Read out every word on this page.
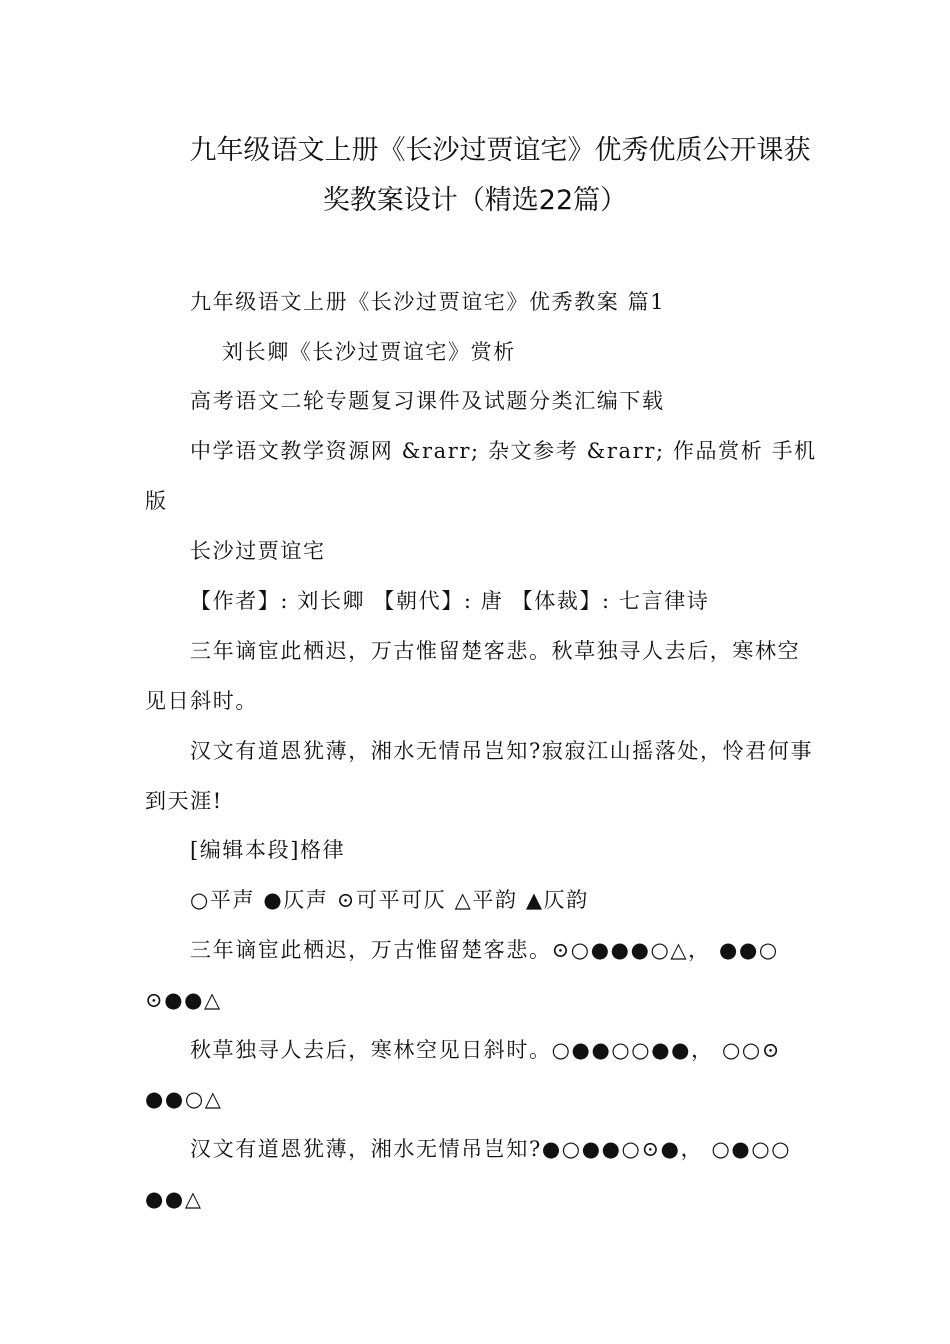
九年级语文上册《长沙过贾谊宅》优秀优质公开课获
奖教案设计（精选22篇）
九年级语文上册《长沙过贾谊宅》优秀教案 篇1
刘长卿《长沙过贾谊宅》赏析
高考语文二轮专题复习课件及试题分类汇编下载
中学语文教学资源网 &rarr; 杂文参考 &rarr; 作品赏析 手机
版
长沙过贾谊宅
【作者】: 刘长卿 【朝代】: 唐 【体裁】: 七言律诗
三年谪宦此栖迟，万古惟留楚客悲。秋草独寻人去后，寒林空
见日斜时。
汉文有道恩犹薄，湘水无情吊岂知?寂寂江山摇落处，怜君何事
到天涯!
[编辑本段]格律
○平声 ●仄声 ⊙可平可仄 △平韵 ▲仄韵
三年谪宦此栖迟，万古惟留楚客悲。⊙○●●●○△， ●●○
⊙●●△
秋草独寻人去后，寒林空见日斜时。○●●○○●●， ○○⊙
●●○△
汉文有道恩犹薄，湘水无情吊岂知?●○●●○⊙●， ○●○○
●●△
